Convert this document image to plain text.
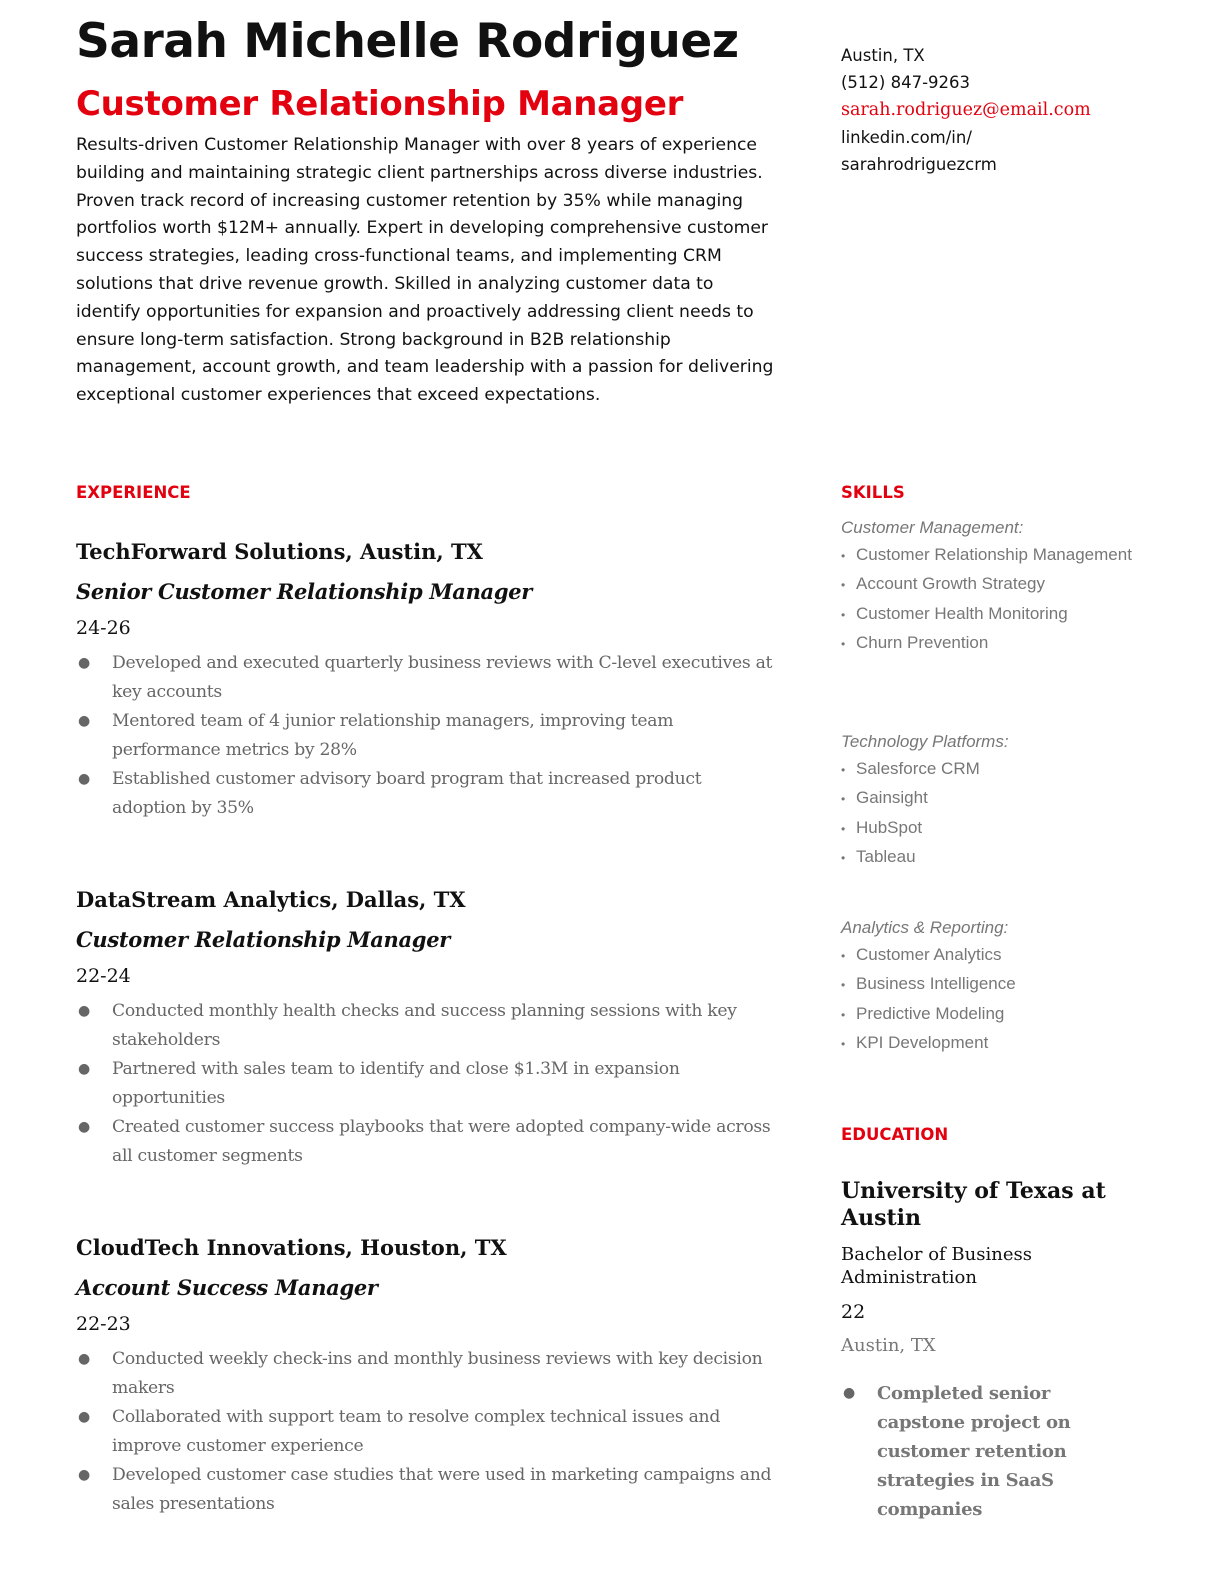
Sarah Michelle Rodriguez
Customer Relationship Manager
Results-driven Customer Relationship Manager with over 8 years of experience building and maintaining strategic client partnerships across diverse industries. Proven track record of increasing customer retention by 35% while managing portfolios worth $12M+ annually. Expert in developing comprehensive customer success strategies, leading cross-functional teams, and implementing CRM solutions that drive revenue growth. Skilled in analyzing customer data to identify opportunities for expansion and proactively addressing client needs to ensure long-term satisfaction. Strong background in B2B relationship management, account growth, and team leadership with a passion for delivering exceptional customer experiences that exceed expectations.
EXPERIENCE
TechForward Solutions, Austin, TX
Senior Customer Relationship Manager
24-26
● Developed and executed quarterly business reviews with C-level executives at key accounts
● Mentored team of 4 junior relationship managers, improving team performance metrics by 28%
● Established customer advisory board program that increased product adoption by 35%
DataStream Analytics, Dallas, TX
Customer Relationship Manager
22-24
● Conducted monthly health checks and success planning sessions with key stakeholders
● Partnered with sales team to identify and close $1.3M in expansion opportunities
● Created customer success playbooks that were adopted company-wide across all customer segments
CloudTech Innovations, Houston, TX
Account Success Manager
22-23
● Conducted weekly check-ins and monthly business reviews with key decision makers
● Collaborated with support team to resolve complex technical issues and improve customer experience
● Developed customer case studies that were used in marketing campaigns and sales presentations
Austin, TX
(512) 847-9263
sarah.rodriguez@email.com
linkedin.com/in/
sarahrodriguezcrm
SKILLS
Customer Management:
• Customer Relationship Management
• Account Growth Strategy
• Customer Health Monitoring
• Churn Prevention
Technology Platforms:
• Salesforce CRM
• Gainsight
• HubSpot
• Tableau
Analytics & Reporting:
• Customer Analytics
• Business Intelligence
• Predictive Modeling
• KPI Development
EDUCATION
University of Texas at Austin
Bachelor of Business Administration
22
Austin, TX
● Completed senior capstone project on customer retention strategies in SaaS companies
